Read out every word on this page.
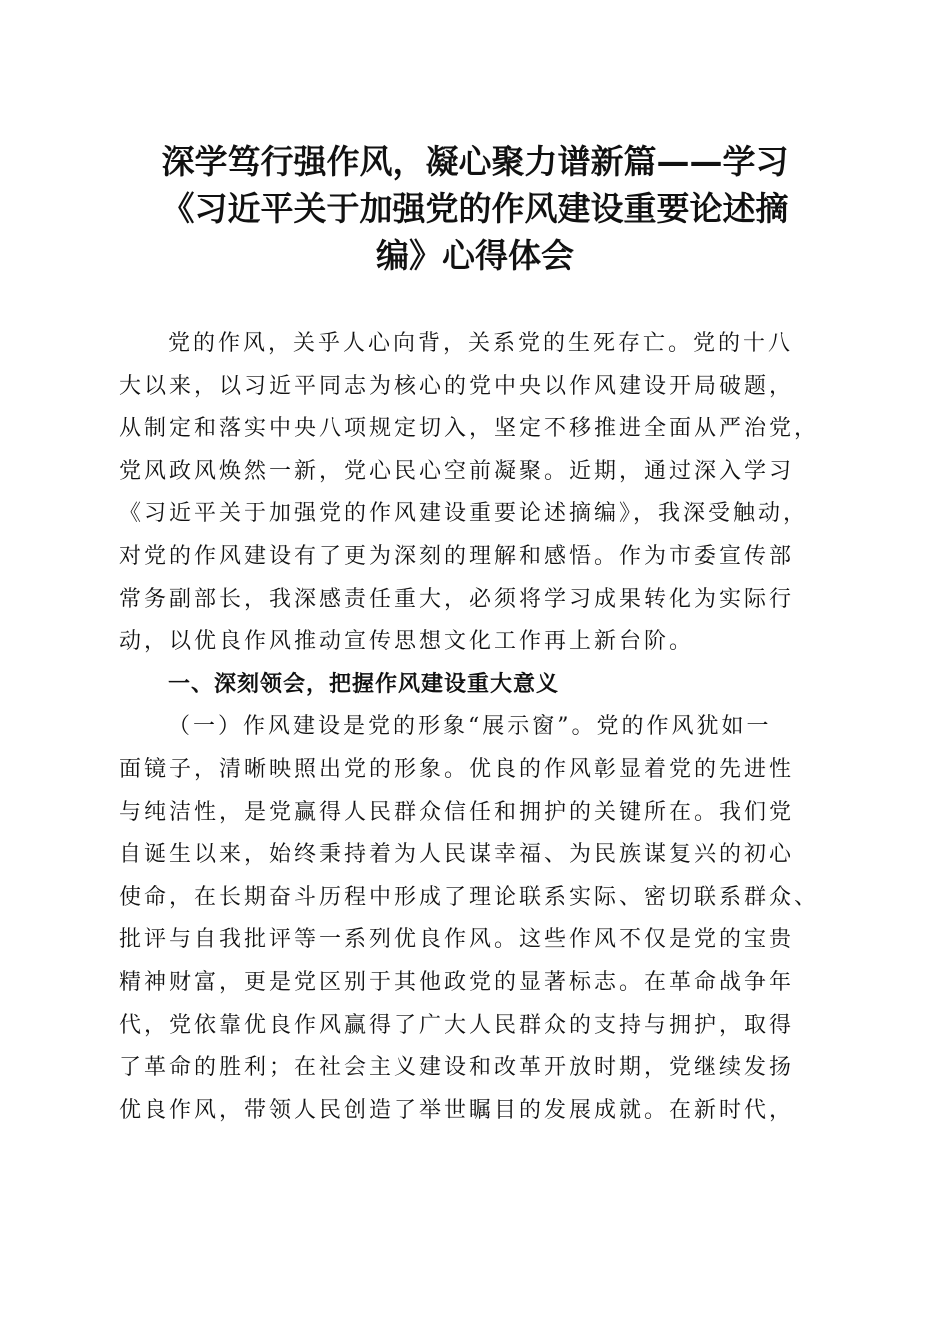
深学笃行强作风，凝心聚力谱新篇——学习
《习近平关于加强党的作风建设重要论述摘
编》心得体会
党的作风，关乎人心向背，关系党的生死存亡。党的十八
大以来，以习近平同志为核心的党中央以作风建设开局破题，
从制定和落实中央八项规定切入，坚定不移推进全面从严治党，
党风政风焕然一新，党心民心空前凝聚。近期，通过深入学习
《习近平关于加强党的作风建设重要论述摘编》，我深受触动，
对党的作风建设有了更为深刻的理解和感悟。作为市委宣传部
常务副部长，我深感责任重大，必须将学习成果转化为实际行
动，以优良作风推动宣传思想文化工作再上新台阶。
一、深刻领会，把握作风建设重大意义
（一）作风建设是党的形象“展示窗”。党的作风犹如一
面镜子，清晰映照出党的形象。优良的作风彰显着党的先进性
与纯洁性，是党赢得人民群众信任和拥护的关键所在。我们党
自诞生以来，始终秉持着为人民谋幸福、为民族谋复兴的初心
使命，在长期奋斗历程中形成了理论联系实际、密切联系群众、
批评与自我批评等一系列优良作风。这些作风不仅是党的宝贵
精神财富，更是党区别于其他政党的显著标志。在革命战争年
代，党依靠优良作风赢得了广大人民群众的支持与拥护，取得
了革命的胜利；在社会主义建设和改革开放时期，党继续发扬
优良作风，带领人民创造了举世瞩目的发展成就。在新时代，
